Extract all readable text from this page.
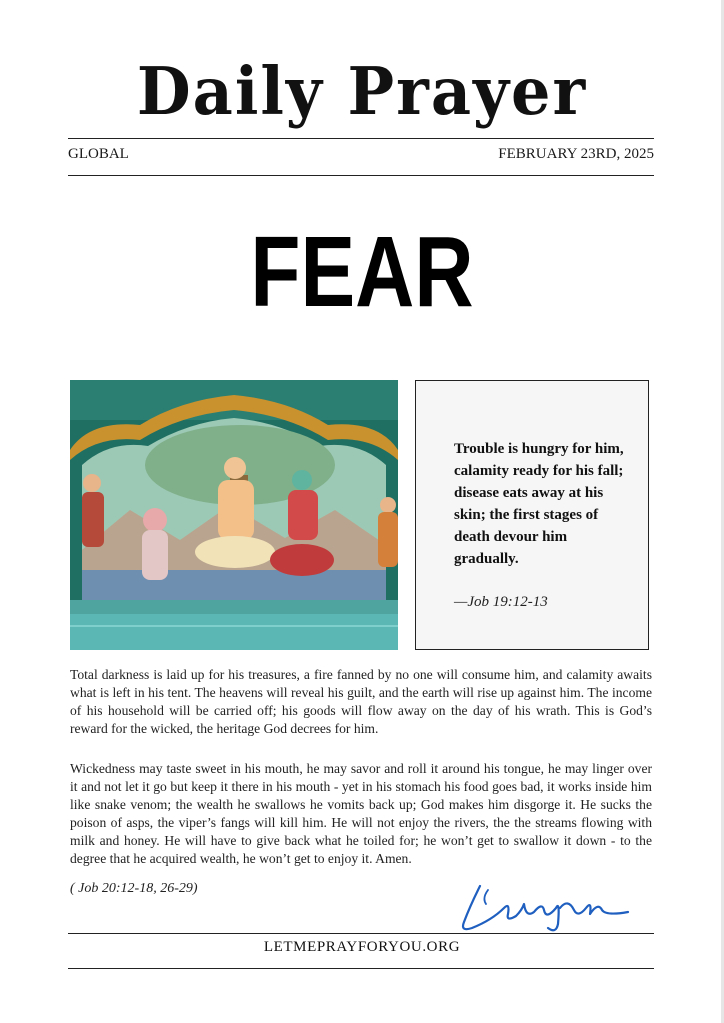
Daily Prayer
GLOBAL	FEBRUARY 23RD, 2025
FEAR
Trouble is hungry for him, calamity ready for his fall; disease eats away at his skin; the first stages of death devour him gradually.
—Job 19:12-13

Total darkness is laid up for his treasures, a fire fanned by no one will consume him, and calamity awaits what is left in his tent. The heavens will reveal his guilt, and the earth will rise up against him. The income of his household will be carried off; his goods will flow away on the day of his wrath. This is God’s reward for the wicked, the heritage God decrees for him.

Wickedness may taste sweet in his mouth, he may savor and roll it around his tongue, he may linger over it and not let it go but keep it there in his mouth - yet in his stomach his food goes bad, it works inside him like snake venom; the wealth he swallows he vomits back up; God makes him disgorge it. He sucks the poison of asps, the viper’s fangs will kill him. He will not enjoy the rivers, the the streams flowing with milk and honey. He will have to give back what he toiled for; he won’t get to swallow it down - to the degree that he acquired wealth, he won’t get to enjoy it. Amen.

( Job 20:12-18, 26-29)
LETMEPRAYFORYOU.ORG
